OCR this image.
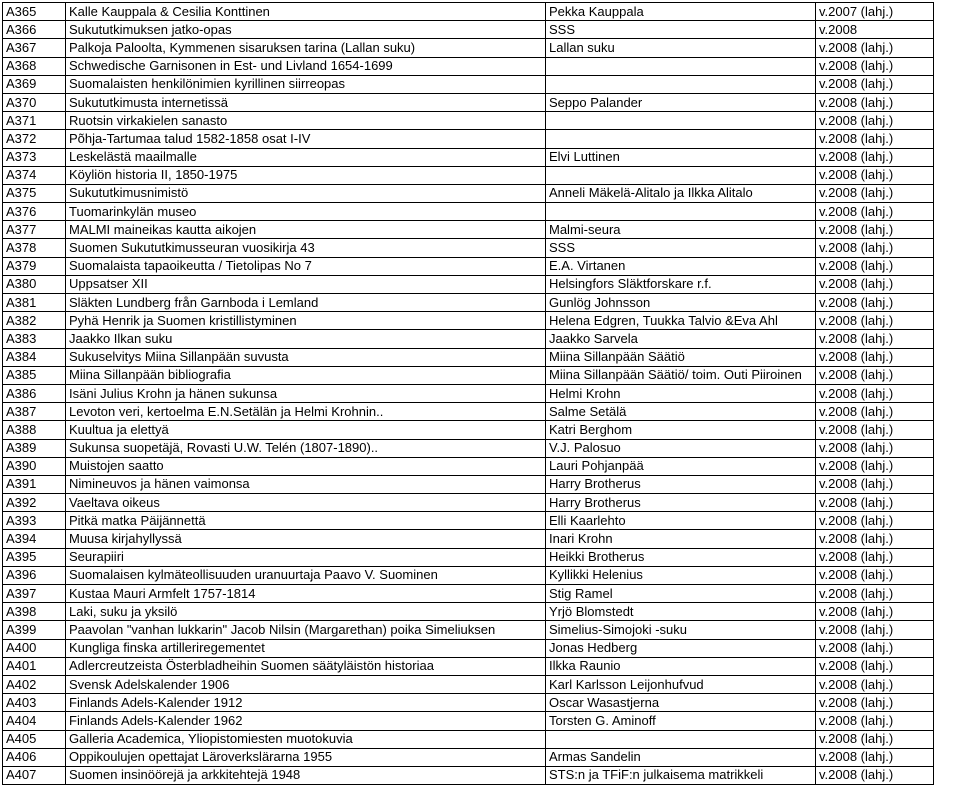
A365	Kalle Kauppala & Cesilia Konttinen	Pekka Kauppala	v.2007 (lahj.)
A366	Sukututkimuksen jatko-opas	SSS	v.2008
A367	Palkoja Paloolta, Kymmenen sisaruksen tarina (Lallan suku)	Lallan suku	v.2008 (lahj.)
A368	Schwedische Garnisonen in Est- und Livland 1654-1699		v.2008 (lahj.)
A369	Suomalaisten henkilönimien kyrillinen siirreopas		v.2008 (lahj.)
A370	Sukututkimusta internetissä	Seppo Palander	v.2008 (lahj.)
A371	Ruotsin virkakielen sanasto		v.2008 (lahj.)
A372	Põhja-Tartumaa talud 1582-1858 osat I-IV		v.2008 (lahj.)
A373	Leskelästä maailmalle	Elvi Luttinen	v.2008 (lahj.)
A374	Köyliön historia II, 1850-1975		v.2008 (lahj.)
A375	Sukututkimusnimistö	Anneli Mäkelä-Alitalo ja Ilkka Alitalo	v.2008 (lahj.)
A376	Tuomarinkylän museo		v.2008 (lahj.)
A377	MALMI maineikas kautta aikojen	Malmi-seura	v.2008 (lahj.)
A378	Suomen Sukututkimusseuran vuosikirja 43	SSS	v.2008 (lahj.)
A379	Suomalaista tapaoikeutta / Tietolipas No 7	E.A. Virtanen	v.2008 (lahj.)
A380	Uppsatser XII	Helsingfors Släktforskare r.f.	v.2008 (lahj.)
A381	Släkten Lundberg från Garnboda i Lemland	Gunlög Johnsson	v.2008 (lahj.)
A382	Pyhä Henrik ja Suomen kristillistyminen	Helena Edgren, Tuukka Talvio &Eva Ahl	v.2008 (lahj.)
A383	Jaakko Ilkan suku	Jaakko Sarvela	v.2008 (lahj.)
A384	Sukuselvitys Miina Sillanpään suvusta	Miina Sillanpään Säätiö	v.2008 (lahj.)
A385	Miina Sillanpään bibliografia	Miina Sillanpään Säätiö/ toim. Outi Piiroinen	v.2008 (lahj.)
A386	Isäni Julius Krohn ja hänen sukunsa	Helmi Krohn	v.2008 (lahj.)
A387	Levoton veri, kertoelma E.N.Setälän ja Helmi Krohnin..	Salme Setälä	v.2008 (lahj.)
A388	Kuultua ja elettyä	Katri Berghom	v.2008 (lahj.)
A389	Sukunsa suopetäjä, Rovasti U.W. Telén (1807-1890)..	V.J. Palosuo	v.2008 (lahj.)
A390	Muistojen saatto	Lauri Pohjanpää	v.2008 (lahj.)
A391	Nimineuvos ja hänen vaimonsa	Harry Brotherus	v.2008 (lahj.)
A392	Vaeltava oikeus	Harry Brotherus	v.2008 (lahj.)
A393	Pitkä matka Päijännettä	Elli Kaarlehto	v.2008 (lahj.)
A394	Muusa kirjahyllyssä	Inari Krohn	v.2008 (lahj.)
A395	Seurapiiri	Heikki Brotherus	v.2008 (lahj.)
A396	Suomalaisen kylmäteollisuuden uranuurtaja Paavo V. Suominen	Kyllikki Helenius	v.2008 (lahj.)
A397	Kustaa Mauri Armfelt 1757-1814	Stig Ramel	v.2008 (lahj.)
A398	Laki, suku ja yksilö	Yrjö Blomstedt	v.2008 (lahj.)
A399	Paavolan "vanhan lukkarin" Jacob Nilsin (Margarethan) poika Simeliuksen	Simelius-Simojoki -suku	v.2008 (lahj.)
A400	Kungliga finska artilleriregementet	Jonas Hedberg	v.2008 (lahj.)
A401	Adlercreutzeista Österbladheihin Suomen säätyläistön historiaa	Ilkka Raunio	v.2008 (lahj.)
A402	Svensk Adelskalender 1906	Karl Karlsson Leijonhufvud	v.2008 (lahj.)
A403	Finlands Adels-Kalender 1912	Oscar Wasastjerna	v.2008 (lahj.)
A404	Finlands Adels-Kalender 1962	Torsten G. Aminoff	v.2008 (lahj.)
A405	Galleria Academica, Yliopistomiesten muotokuvia		v.2008 (lahj.)
A406	Oppikoulujen opettajat Läroverkslärarna 1955	Armas Sandelin	v.2008 (lahj.)
A407	Suomen insinöörejä ja arkkitehtejä 1948	STS:n ja TFiF:n julkaisema matrikkeli	v.2008 (lahj.)
